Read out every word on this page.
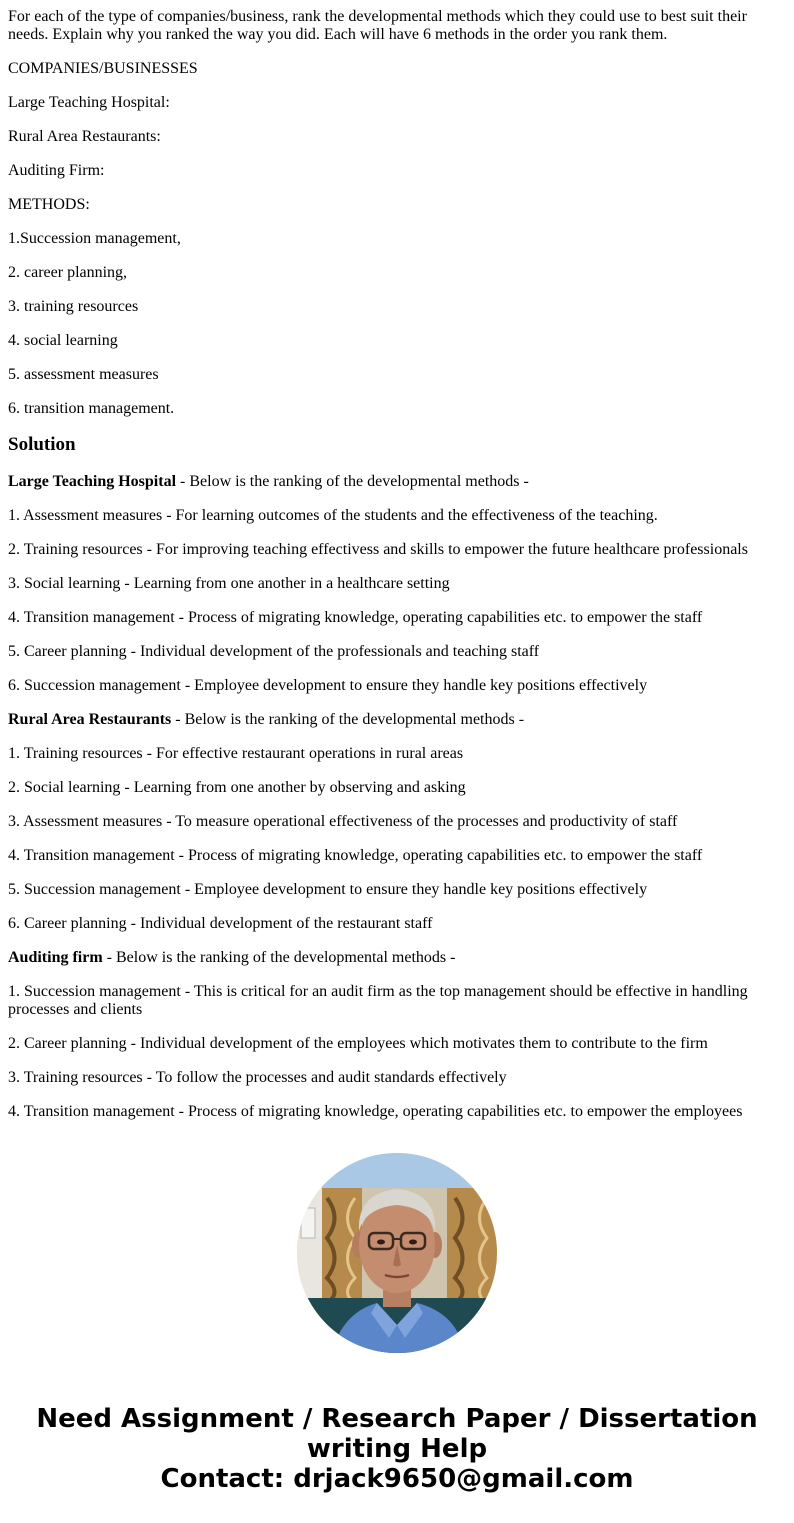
For each of the type of companies/business, rank the developmental methods which they could use to best suit their needs. Explain why you ranked the way you did. Each will have 6 methods in the order you rank them.

COMPANIES/BUSINESSES

Large Teaching Hospital:

Rural Area Restaurants:

Auditing Firm:

METHODS:

1.Succession management,

2. career planning,

3. training resources

4. social learning

5. assessment measures

6. transition management.

Solution

Large Teaching Hospital - Below is the ranking of the developmental methods -

1. Assessment measures - For learning outcomes of the students and the effectiveness of the teaching.

2. Training resources - For improving teaching effectivess and skills to empower the future healthcare professionals

3. Social learning - Learning from one another in a healthcare setting

4. Transition management - Process of migrating knowledge, operating capabilities etc. to empower the staff

5. Career planning - Individual development of the professionals and teaching staff

6. Succession management - Employee development to ensure they handle key positions effectively

Rural Area Restaurants - Below is the ranking of the developmental methods -

1. Training resources - For effective restaurant operations in rural areas

2. Social learning - Learning from one another by observing and asking

3. Assessment measures - To measure operational effectiveness of the processes and productivity of staff

4. Transition management - Process of migrating knowledge, operating capabilities etc. to empower the staff

5. Succession management - Employee development to ensure they handle key positions effectively

6. Career planning - Individual development of the restaurant staff

Auditing firm - Below is the ranking of the developmental methods -

1. Succession management - This is critical for an audit firm as the top management should be effective in handling processes and clients

2. Career planning - Individual development of the employees which motivates them to contribute to the firm

3. Training resources - To follow the processes and audit standards effectively

4. Transition management - Process of migrating knowledge, operating capabilities etc. to empower the employees

Need Assignment / Research Paper / Dissertation
writing Help
Contact: drjack9650@gmail.com
